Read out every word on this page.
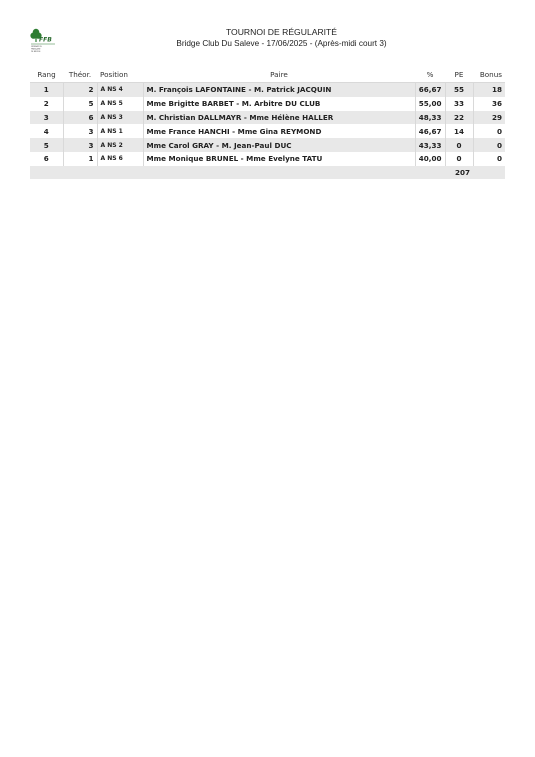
FFB
FÉDÉRATION
FRANÇAISE
DE BRIDGE
TOURNOI DE RÉGULARITÉ
Bridge Club Du Saleve - 17/06/2025 - (Après-midi court 3)
Rang	Théor.	Position	Paire	%	PE	Bonus
1	2	A NS 4	M. François LAFONTAINE - M. Patrick JACQUIN	66,67	55	18
2	5	A NS 5	Mme Brigitte BARBET - M. Arbitre DU CLUB	55,00	33	36
3	6	A NS 3	M. Christian DALLMAYR - Mme Hélène HALLER	48,33	22	29
4	3	A NS 1	Mme France HANCHI - Mme Gina REYMOND	46,67	14	0
5	3	A NS 2	Mme Carol GRAY - M. Jean-Paul DUC	43,33	0	0
6	1	A NS 6	Mme Monique BRUNEL - Mme Evelyne TATU	40,00	0	0
					207	
